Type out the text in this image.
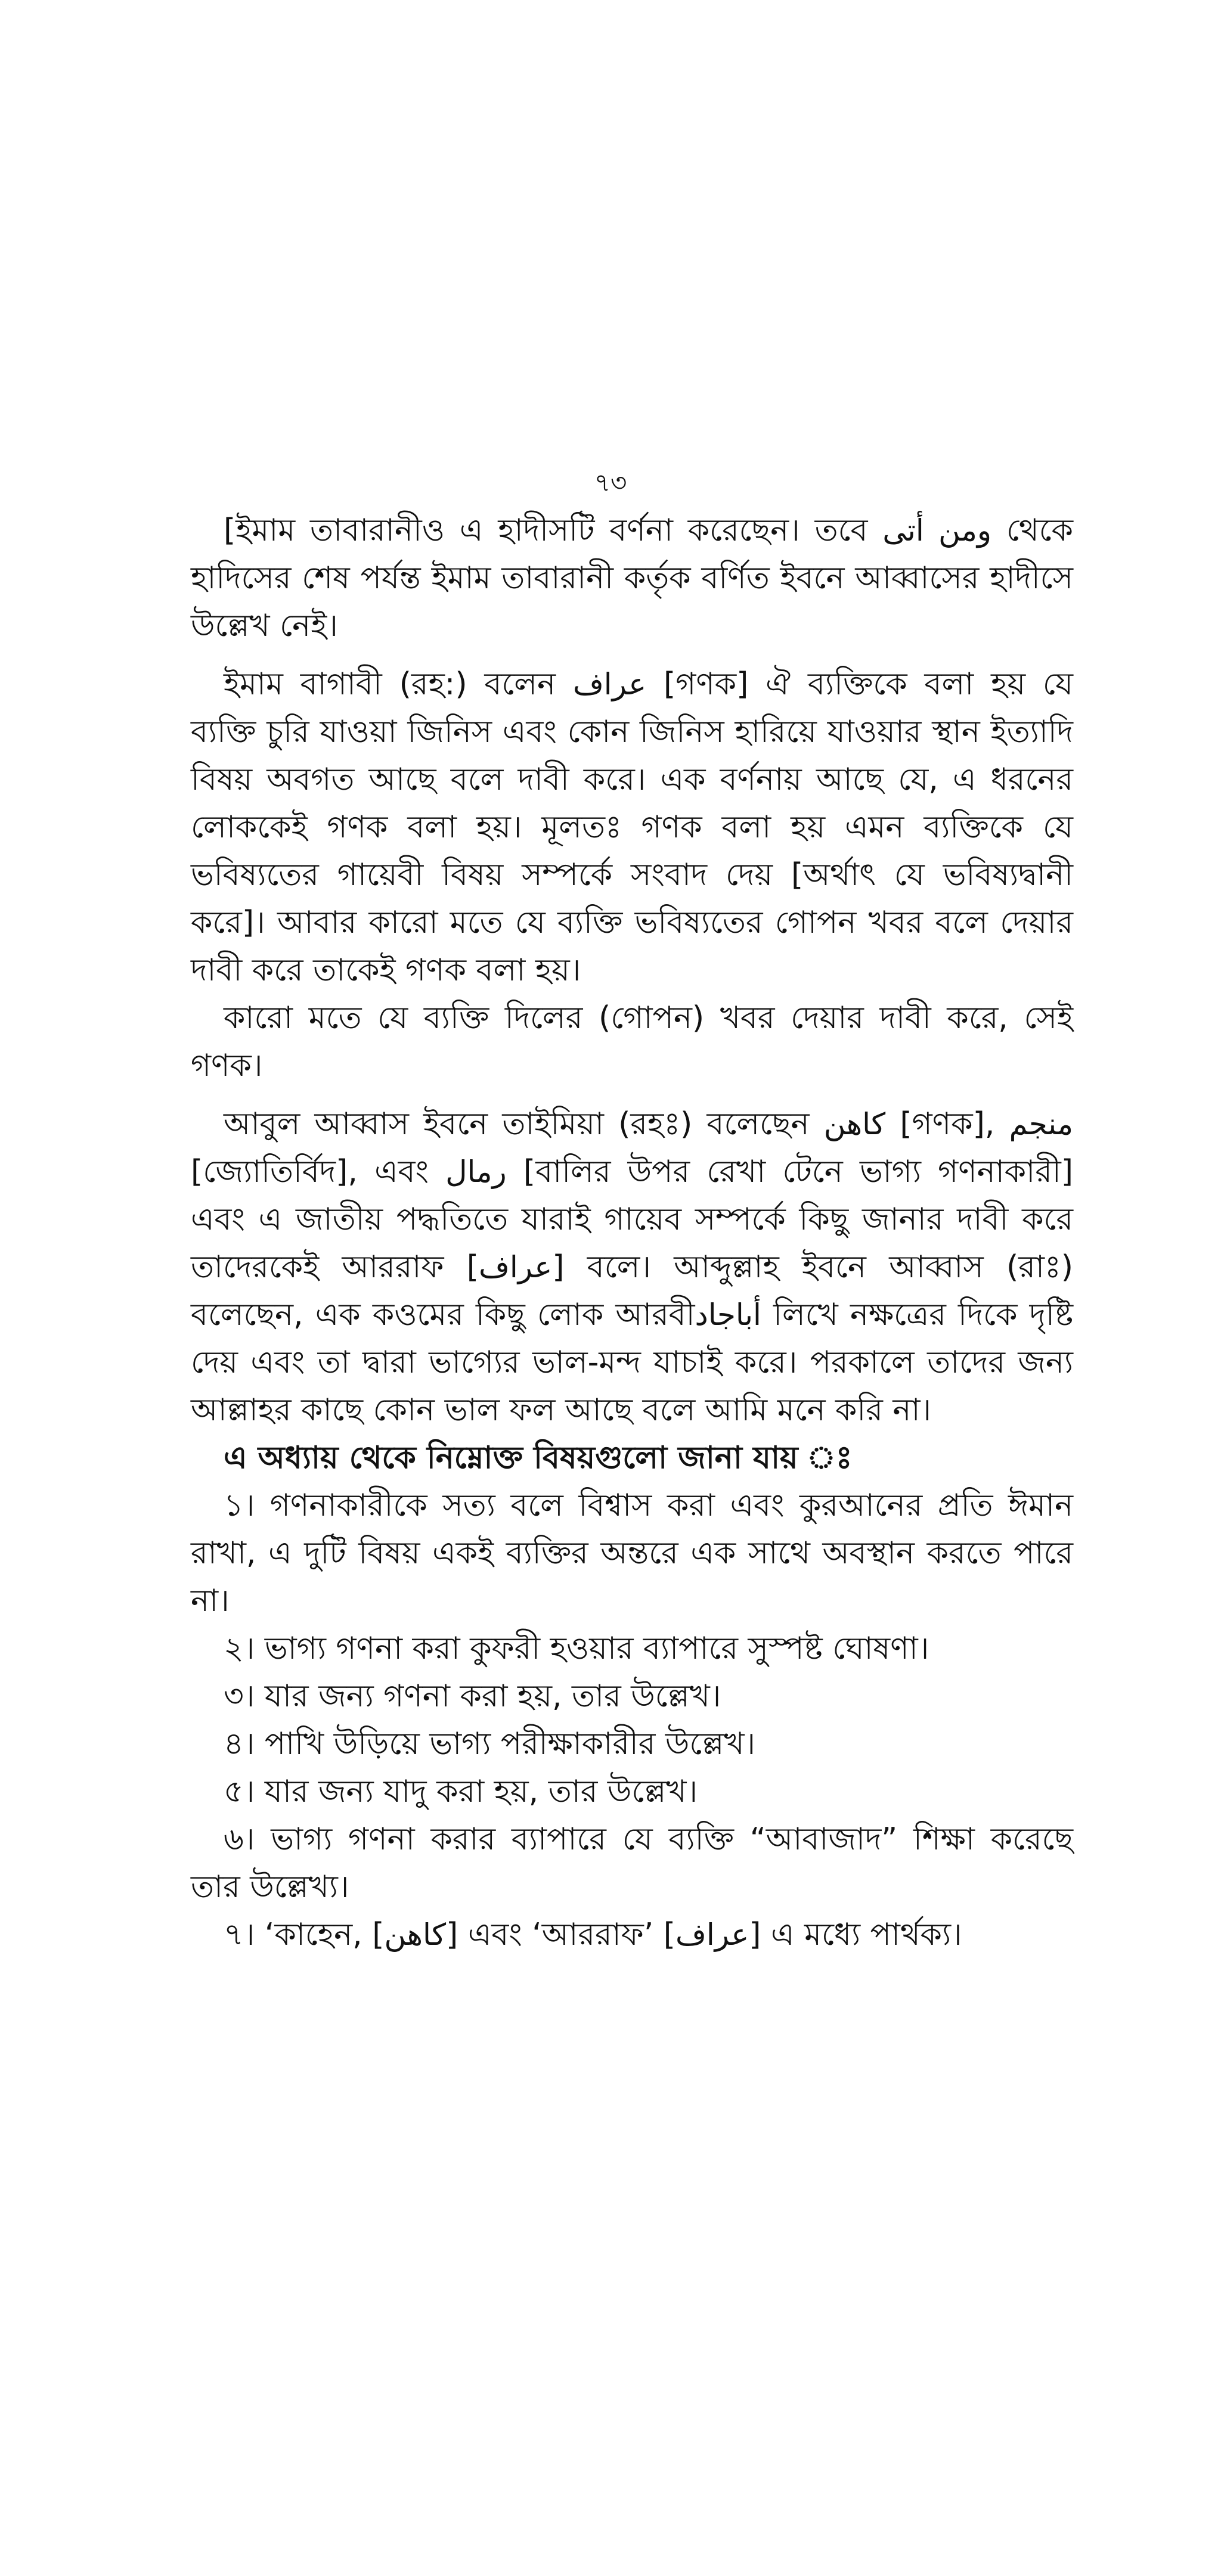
৭৩

[ইমাম তাবারানীও এ হাদীসটি বর্ণনা করেছেন। তবে ومن أتى থেকে হাদিসের শেষ পর্যন্ত ইমাম তাবারানী কর্তৃক বর্ণিত ইবনে আব্বাসের হাদীসে উল্লেখ নেই।

ইমাম বাগাবী (রহ:) বলেন عراف [গণক] ঐ ব্যক্তিকে বলা হয় যে ব্যক্তি চুরি যাওয়া জিনিস এবং কোন জিনিস হারিয়ে যাওয়ার স্থান ইত্যাদি বিষয় অবগত আছে বলে দাবী করে। এক বর্ণনায় আছে যে, এ ধরনের লোককেই গণক বলা হয়। মূলতঃ গণক বলা হয় এমন ব্যক্তিকে যে ভবিষ্যতের গায়েবী বিষয় সম্পর্কে সংবাদ দেয় [অর্থাৎ যে ভবিষ্যদ্বানী করে]। আবার কারো মতে যে ব্যক্তি ভবিষ্যতের গোপন খবর বলে দেয়ার দাবী করে তাকেই গণক বলা হয়।

কারো মতে যে ব্যক্তি দিলের (গোপন) খবর দেয়ার দাবী করে, সেই গণক।

আবুল আব্বাস ইবনে তাইমিয়া (রহঃ) বলেছেন كاهن [গণক], منجم [জ্যোতির্বিদ], এবং رمال [বালির উপর রেখা টেনে ভাগ্য গণনাকারী] এবং এ জাতীয় পদ্ধতিতে যারাই গায়েব সম্পর্কে কিছু জানার দাবী করে তাদেরকেই আররাফ [عراف] বলে। আব্দুল্লাহ ইবনে আব্বাস (রাঃ) বলেছেন, এক কওমের কিছু লোক আরবীأباجاد লিখে নক্ষত্রের দিকে দৃষ্টি দেয় এবং তা দ্বারা ভাগ্যের ভাল-মন্দ যাচাই করে। পরকালে তাদের জন্য আল্লাহর কাছে কোন ভাল ফল আছে বলে আমি মনে করি না।

এ অধ্যায় থেকে নিম্নোক্ত বিষয়গুলো জানা যায় ঃ

১। গণনাকারীকে সত্য বলে বিশ্বাস করা এবং কুরআনের প্রতি ঈমান রাখা, এ দুটি বিষয় একই ব্যক্তির অন্তরে এক সাথে অবস্থান করতে পারে না।

২। ভাগ্য গণনা করা কুফরী হওয়ার ব্যাপারে সুস্পষ্ট ঘোষণা।

৩। যার জন্য গণনা করা হয়, তার উল্লেখ।

৪। পাখি উড়িয়ে ভাগ্য পরীক্ষাকারীর উল্লেখ।

৫। যার জন্য যাদু করা হয়, তার উল্লেখ।

৬। ভাগ্য গণনা করার ব্যাপারে যে ব্যক্তি “আবাজাদ” শিক্ষা করেছে তার উল্লেখ্য।

৭। ‘কাহেন, [كاهن] এবং ‘আররাফ’ [عراف] এ মধ্যে পার্থক্য।
